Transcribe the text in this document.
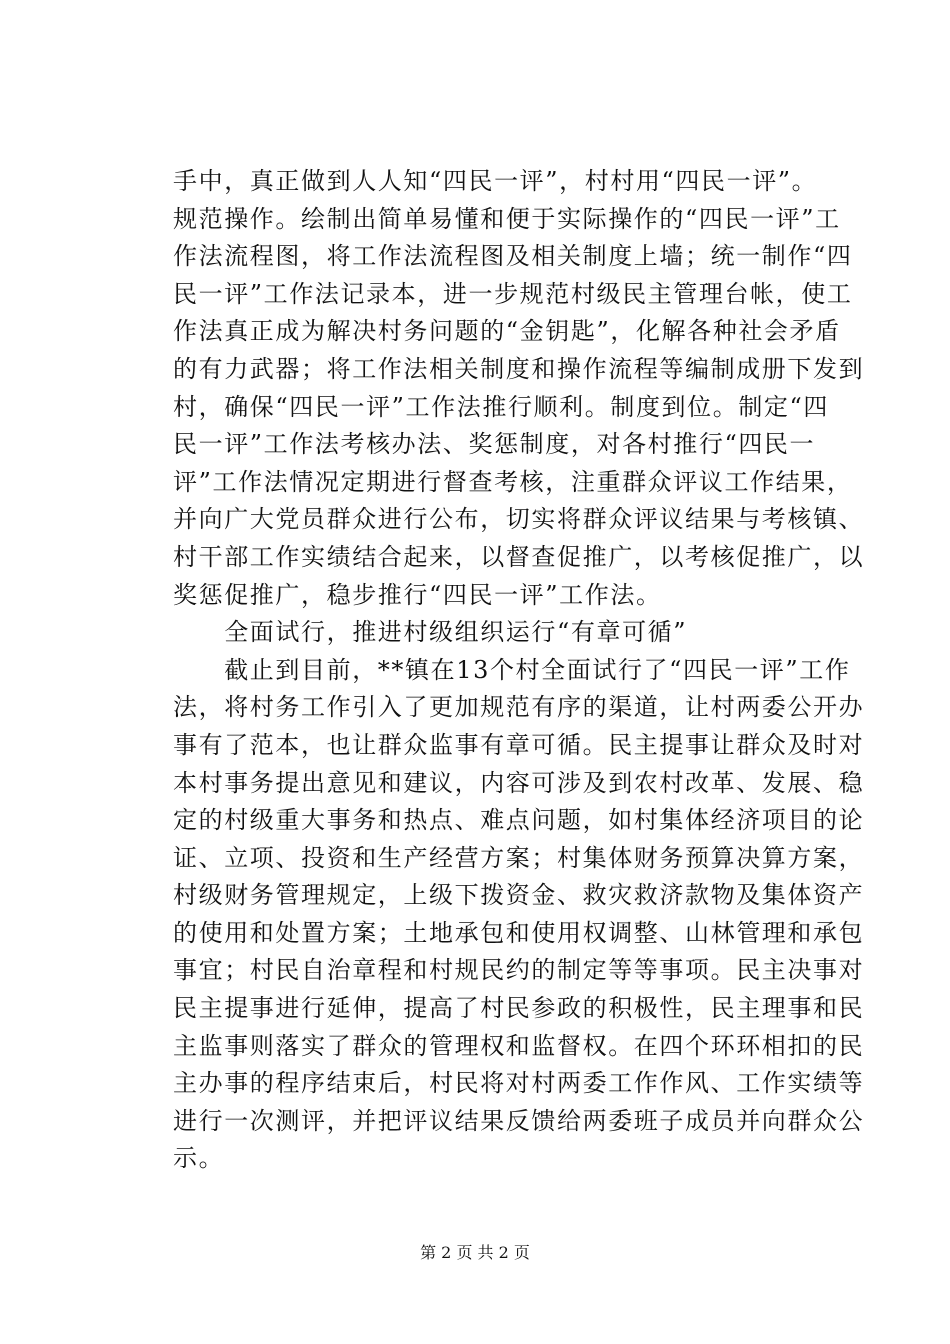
手中，真正做到人人知“四民一评”，村村用“四民一评”。
规范操作。绘制出简单易懂和便于实际操作的“四民一评”工
作法流程图，将工作法流程图及相关制度上墙；统一制作“四
民一评”工作法记录本，进一步规范村级民主管理台帐，使工
作法真正成为解决村务问题的“金钥匙”，化解各种社会矛盾
的有力武器；将工作法相关制度和操作流程等编制成册下发到
村，确保“四民一评”工作法推行顺利。制度到位。制定“四
民一评”工作法考核办法、奖惩制度，对各村推行“四民一
评”工作法情况定期进行督查考核，注重群众评议工作结果，
并向广大党员群众进行公布，切实将群众评议结果与考核镇、
村干部工作实绩结合起来，以督查促推广，以考核促推广，以
奖惩促推广，稳步推行“四民一评”工作法。
　　全面试行，推进村级组织运行“有章可循”
　　截止到目前，**镇在13个村全面试行了“四民一评”工作
法，将村务工作引入了更加规范有序的渠道，让村两委公开办
事有了范本，也让群众监事有章可循。民主提事让群众及时对
本村事务提出意见和建议，内容可涉及到农村改革、发展、稳
定的村级重大事务和热点、难点问题，如村集体经济项目的论
证、立项、投资和生产经营方案；村集体财务预算决算方案，
村级财务管理规定，上级下拨资金、救灾救济款物及集体资产
的使用和处置方案；土地承包和使用权调整、山林管理和承包
事宜；村民自治章程和村规民约的制定等等事项。民主决事对
民主提事进行延伸，提高了村民参政的积极性，民主理事和民
主监事则落实了群众的管理权和监督权。在四个环环相扣的民
主办事的程序结束后，村民将对村两委工作作风、工作实绩等
进行一次测评，并把评议结果反馈给两委班子成员并向群众公
示。
第 2 页 共 2 页
